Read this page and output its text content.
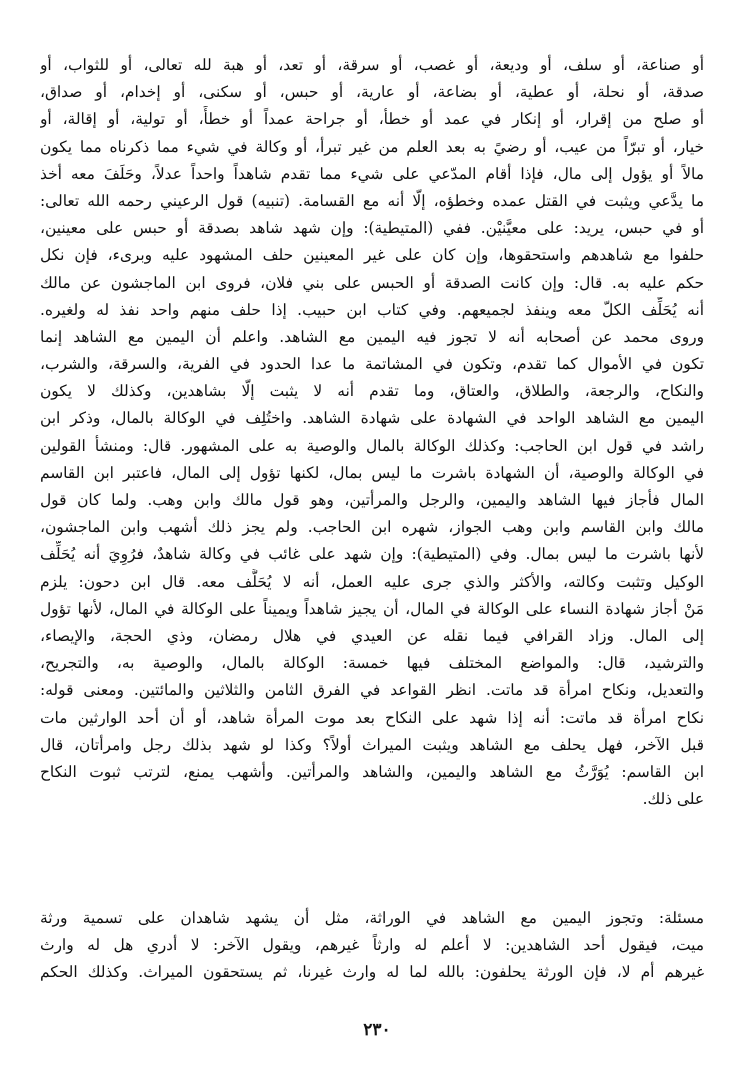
أو صناعة، أو سلف، أو وديعة، أو غصب، أو سرقة، أو تعد، أو هبة لله تعالى، أو للثواب، أو
صدقة، أو نحلة، أو عطية، أو بضاعة، أو عارية، أو حبس، أو سكنى، أو إخدام، أو صداق،
أو صلح من إقرار، أو إنكار في عمد أو خطأ، أو جراحة عمداً أو خطأً، أو تولية، أو إقالة، أو
خيار، أو تبرّاً من عيب، أو رضيً به بعد العلم من غير تبرأ، أو وكالة في شيء مما ذكرناه مما يكون
مالاً أو يؤول إلى مال، فإذا أقام المدّعي على شيء مما تقدم شاهداً واحداً عدلاً، وحَلَفَ معه أخذ
ما يدَّعي ويثبت في القتل عمده وخطؤه، إلّا أنه مع القسامة. (تنبيه) قول الرعيني رحمه الله تعالى:
أو في حبس، يريد: على معيَّنيْن. ففي (المتيطية): وإن شهد شاهد بصدقة أو حبس على معينين،
حلفوا مع شاهدهم واستحقوها، وإن كان على غير المعينين حلف المشهود عليه وبرىء، فإن نكل
حكم عليه به. قال: وإن كانت الصدقة أو الحبس على بني فلان، فروى ابن الماجشون عن مالك
أنه يُحَلِّف الكلّ معه وينفذ لجميعهم. وفي كتاب ابن حبيب. إذا حلف منهم واحد نفذ له ولغيره.
وروى محمد عن أصحابه أنه لا تجوز فيه اليمين مع الشاهد. واعلم أن اليمين مع الشاهد إنما
تكون في الأموال كما تقدم، وتكون في المشاتمة ما عدا الحدود في الفرية، والسرقة، والشرب،
والنكاح، والرجعة، والطلاق، والعتاق، وما تقدم أنه لا يثبت إلّا بشاهدين، وكذلك لا يكون
اليمين مع الشاهد الواحد في الشهادة على شهادة الشاهد. واختُلِف في الوكالة بالمال، وذكر ابن
راشد في قول ابن الحاجب: وكذلك الوكالة بالمال والوصية به على المشهور. قال: ومنشأ القولين
في الوكالة والوصية، أن الشهادة باشرت ما ليس بمال، لكنها تؤول إلى المال، فاعتبر ابن القاسم
المال فأجاز فيها الشاهد واليمين، والرجل والمرأتين، وهو قول مالك وابن وهب. ولما كان قول
مالك وابن القاسم وابن وهب الجواز، شهره ابن الحاجب. ولم يجز ذلك أشهب وابن الماجشون،
لأنها باشرت ما ليس بمال. وفي (المتيطية): وإن شهد على غائب في وكالة شاهدٌ، فرُوِيَ أنه يُحَلِّف
الوكيل وتثبت وكالته، والأكثر والذي جرى عليه العمل، أنه لا يُحَلَّف معه. قال ابن دحون: يلزم
مَنْ أجاز شهادة النساء على الوكالة في المال، أن يجيز شاهداً ويميناً على الوكالة في المال، لأنها تؤول
إلى المال. وزاد القرافي فيما نقله عن العيدي في هلال رمضان، وذي الحجة، والإيصاء،
والترشيد، قال: والمواضع المختلف فيها خمسة: الوكالة بالمال، والوصية به، والتجريح،
والتعديل، ونكاح امرأة قد ماتت. انظر القواعد في الفرق الثامن والثلاثين والمائتين. ومعنى قوله:
نكاح امرأة قد ماتت: أنه إذا شهد على النكاح بعد موت المرأة شاهد، أو أن أحد الوارثين مات
قبل الآخر، فهل يحلف مع الشاهد ويثبت الميراث أولاً؟ وكذا لو شهد بذلك رجل وامرأتان، قال
ابن القاسم: يُوَرَّثُ مع الشاهد واليمين، والشاهد والمرأتين. وأشهب يمنع، لترتب ثبوت النكاح
على ذلك.
مسئلة: وتجوز اليمين مع الشاهد في الوراثة، مثل أن يشهد شاهدان على تسمية ورثة
ميت، فيقول أحد الشاهدين: لا أعلم له وارثاً غيرهم، ويقول الآخر: لا أدري هل له وارث
غيرهم أم لا، فإن الورثة يحلفون: بالله لما له وارث غيرنا، ثم يستحقون الميراث. وكذلك الحكم
٢٣٠
